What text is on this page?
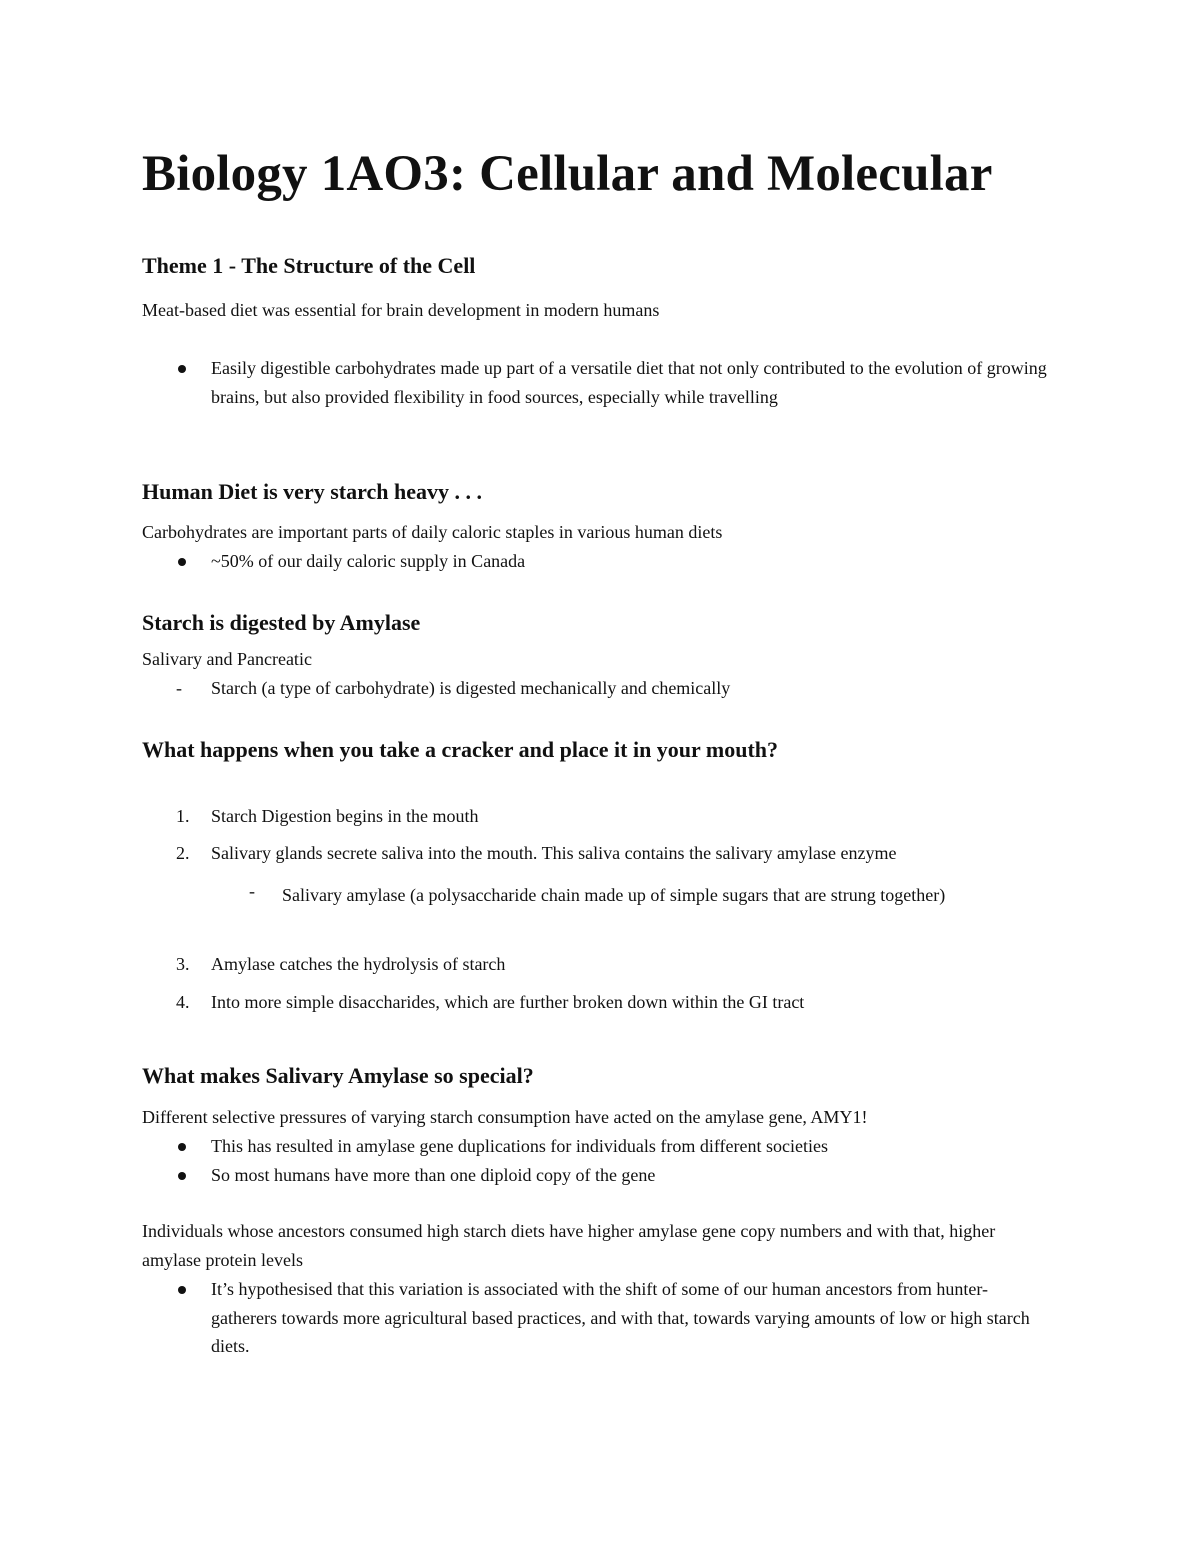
Biology 1AO3: Cellular and Molecular
Theme 1 - The Structure of the Cell
Meat-based diet was essential for brain development in modern humans
Easily digestible carbohydrates made up part of a versatile diet that not only contributed to the evolution of growing brains, but also provided flexibility in food sources, especially while travelling
Human Diet is very starch heavy . . .
Carbohydrates are important parts of daily caloric staples in various human diets
~50% of our daily caloric supply in Canada
Starch is digested by Amylase
Salivary and Pancreatic
- Starch (a type of carbohydrate) is digested mechanically and chemically
What happens when you take a cracker and place it in your mouth?
1. Starch Digestion begins in the mouth
2. Salivary glands secrete saliva into the mouth. This saliva contains the salivary amylase enzyme
- Salivary amylase (a polysaccharide chain made up of simple sugars that are strung together)
3. Amylase catches the hydrolysis of starch
4. Into more simple disaccharides, which are further broken down within the GI tract
What makes Salivary Amylase so special?
Different selective pressures of varying starch consumption have acted on the amylase gene, AMY1!
This has resulted in amylase gene duplications for individuals from different societies
So most humans have more than one diploid copy of the gene
Individuals whose ancestors consumed high starch diets have higher amylase gene copy numbers and with that, higher amylase protein levels
It’s hypothesised that this variation is associated with the shift of some of our human ancestors from hunter-gatherers towards more agricultural based practices, and with that, towards varying amounts of low or high starch diets.
